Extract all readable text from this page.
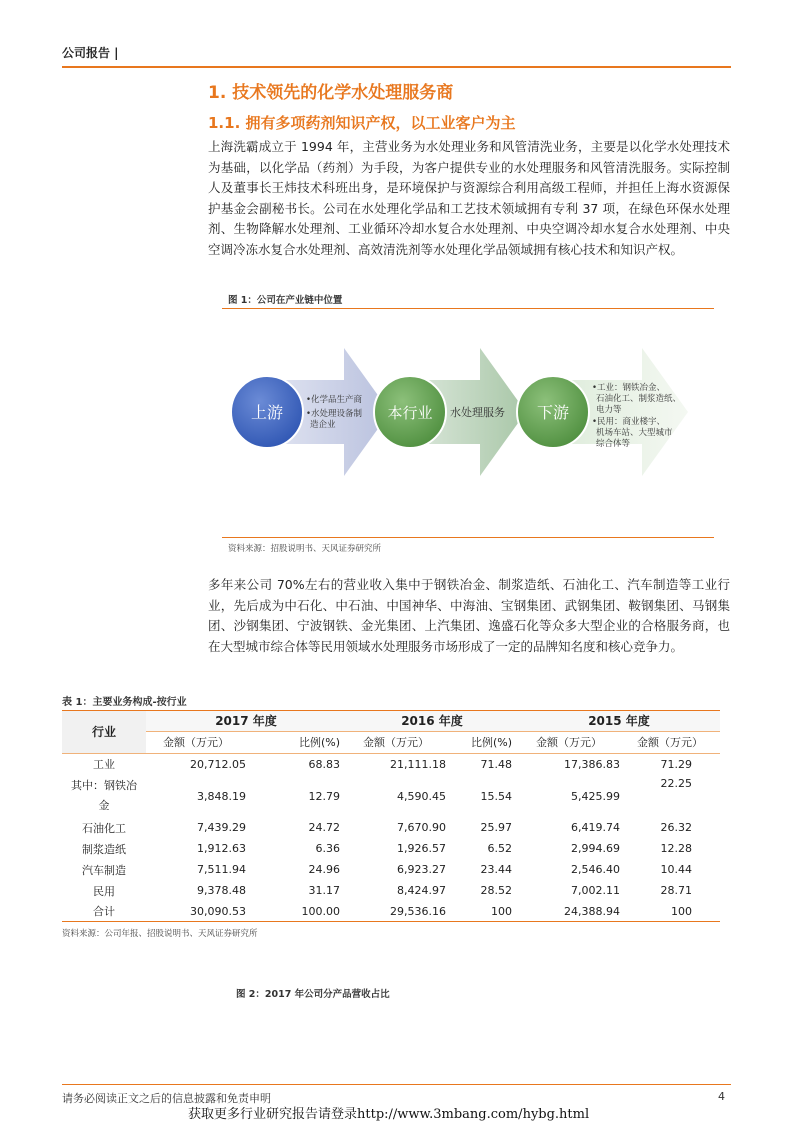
公司报告 |
1. 技术领先的化学水处理服务商
1.1. 拥有多项药剂知识产权，以工业客户为主
上海洗霸成立于 1994 年，主营业务为水处理业务和风管清洗业务，主要是以化学水处理技术为基础，以化学品（药剂）为手段，为客户提供专业的水处理服务和风管清洗服务。实际控制人及董事长王炜技术科班出身，是环境保护与资源综合利用高级工程师，并担任上海水资源保护基金会副秘书长。公司在水处理化学品和工艺技术领域拥有专利 37 项，在绿色环保水处理剂、生物降解水处理剂、工业循环冷却水复合水处理剂、中央空调冷却水复合水处理剂、中央空调冷冻水复合水处理剂、高效清洗剂等水处理化学品领域拥有核心技术和知识产权。
图 1：公司在产业链中位置
上游	本行业	下游
•化学品生产商
•水处理设备制
造企业
水处理服务
•工业：钢铁冶金、
石油化工、制浆造纸、
电力等
•民用：商业楼宇、
机场车站、大型城市
综合体等
资料来源：招股说明书、天风证券研究所
多年来公司 70%左右的营业收入集中于钢铁冶金、制浆造纸、石油化工、汽车制造等工业行业，先后成为中石化、中石油、中国神华、中海油、宝钢集团、武钢集团、鞍钢集团、马钢集团、沙钢集团、宁波钢铁、金光集团、上汽集团、逸盛石化等众多大型企业的合格服务商，也在大型城市综合体等民用领域水处理服务市场形成了一定的品牌知名度和核心竞争力。
表 1：主要业务构成-按行业
行业	2017 年度		2016 年度		2015 年度	
	金额（万元）	比例(%)	金额（万元）	比例(%)	金额（万元）	金额（万元）
工业	20,712.05	68.83	21,111.18	71.48	17,386.83	71.29
其中：钢铁冶
金	3,848.19	12.79	4,590.45	15.54	5,425.99	22.25
石油化工	7,439.29	24.72	7,670.90	25.97	6,419.74	26.32
制浆造纸	1,912.63	6.36	1,926.57	6.52	2,994.69	12.28
汽车制造	7,511.94	24.96	6,923.27	23.44	2,546.40	10.44
民用	9,378.48	31.17	8,424.97	28.52	7,002.11	28.71
合计	30,090.53	100.00	29,536.16	100	24,388.94	100
资料来源：公司年报、招股说明书、天风证券研究所
图 2：2017 年公司分产品营收占比
请务必阅读正文之后的信息披露和免责申明	4
获取更多行业研究报告请登录http://www.3mbang.com/hybg.html
